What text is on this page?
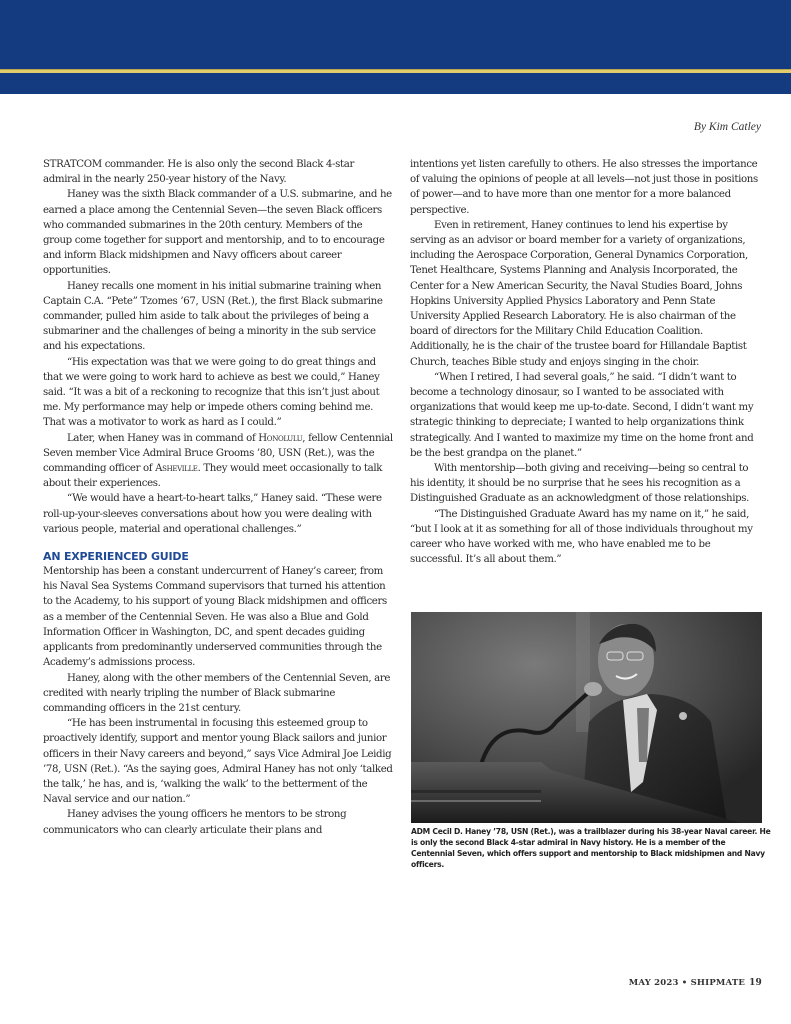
By Kim Catley

STRATCOM commander. He is also only the second Black 4-star admiral in the nearly 250-year history of the Navy.

Haney was the sixth Black commander of a U.S. submarine, and he earned a place among the Centennial Seven—the seven Black officers who commanded submarines in the 20th century. Members of the group come together for support and mentorship, and to to encourage and inform Black midshipmen and Navy officers about career opportunities.

Haney recalls one moment in his initial submarine training when Captain C.A. “Pete” Tzomes ’67, USN (Ret.), the first Black submarine commander, pulled him aside to talk about the privileges of being a submariner and the challenges of being a minority in the sub service and his expectations.

“His expectation was that we were going to do great things and that we were going to work hard to achieve as best we could,” Haney said. “It was a bit of a reckoning to recognize that this isn’t just about me. My performance may help or impede others coming behind me. That was a motivator to work as hard as I could.”

Later, when Haney was in command of Honolulu, fellow Centennial Seven member Vice Admiral Bruce Grooms ’80, USN (Ret.), was the commanding officer of Asheville. They would meet occasionally to talk about their experiences.

“We would have a heart-to-heart talks,” Haney said. “These were roll-up-your-sleeves conversations about how you were dealing with various people, material and operational challenges.”

AN EXPERIENCED GUIDE

Mentorship has been a constant undercurrent of Haney’s career, from his Naval Sea Systems Command supervisors that turned his attention to the Academy, to his support of young Black midshipmen and officers as a member of the Centennial Seven. He was also a Blue and Gold Information Officer in Washington, DC, and spent decades guiding applicants from predominantly underserved communities through the Academy’s admissions process.

Haney, along with the other members of the Centennial Seven, are credited with nearly tripling the number of Black submarine commanding officers in the 21st century.

“He has been instrumental in focusing this esteemed group to proactively identify, support and mentor young Black sailors and junior officers in their Navy careers and beyond,” says Vice Admiral Joe Leidig ’78, USN (Ret.). “As the saying goes, Admiral Haney has not only ‘talked the talk,’ he has, and is, ‘walking the walk’ to the betterment of the Naval service and our nation.”

Haney advises the young officers he mentors to be strong communicators who can clearly articulate their plans and

intentions yet listen carefully to others. He also stresses the importance of valuing the opinions of people at all levels—not just those in positions of power—and to have more than one mentor for a more balanced perspective.

Even in retirement, Haney continues to lend his expertise by serving as an advisor or board member for a variety of organizations, including the Aerospace Corporation, General Dynamics Corporation, Tenet Healthcare, Systems Planning and Analysis Incorporated, the Center for a New American Security, the Naval Studies Board, Johns Hopkins University Applied Physics Laboratory and Penn State University Applied Research Laboratory. He is also chairman of the board of directors for the Military Child Education Coalition. Additionally, he is the chair of the trustee board for Hillandale Baptist Church, teaches Bible study and enjoys singing in the choir.

“When I retired, I had several goals,” he said. “I didn’t want to become a technology dinosaur, so I wanted to be associated with organizations that would keep me up-to-date. Second, I didn’t want my strategic thinking to depreciate; I wanted to help organizations think strategically. And I wanted to maximize my time on the home front and be the best grandpa on the planet.”

With mentorship—both giving and receiving—being so central to his identity, it should be no surprise that he sees his recognition as a Distinguished Graduate as an acknowledgment of those relationships.

“The Distinguished Graduate Award has my name on it,” he said, “but I look at it as something for all of those individuals throughout my career who have worked with me, who have enabled me to be successful. It’s all about them.”

ADM Cecil D. Haney ’78, USN (Ret.), was a trailblazer during his 38-year Naval career. He is only the second Black 4-star admiral in Navy history. He is a member of the Centennial Seven, which offers support and mentorship to Black midshipmen and Navy officers.
MAY 2023 • SHIPMATE 19
